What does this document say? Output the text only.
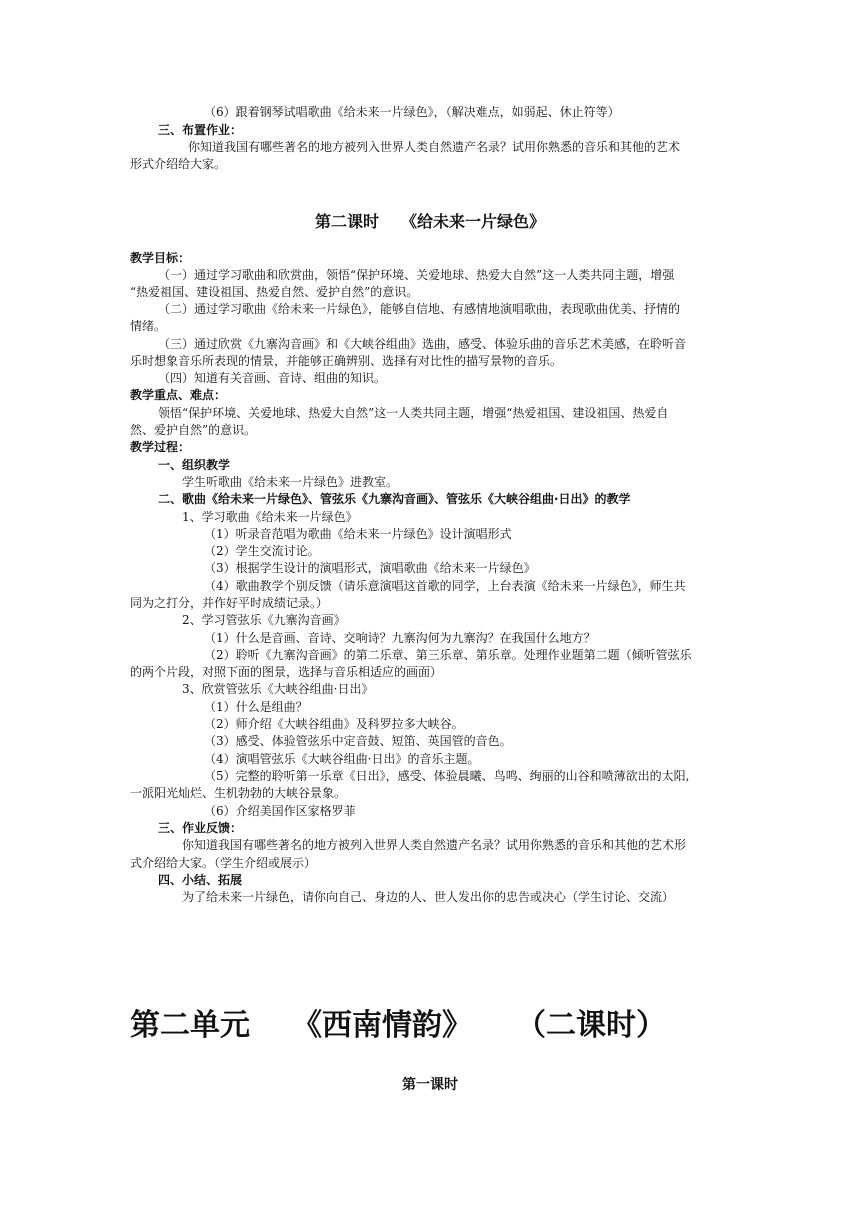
（6）跟着钢琴试唱歌曲《给未来一片绿色》，（解决难点，如弱起、休止符等）

三、布置作业：

你知道我国有哪些著名的地方被列入世界人类自然遗产名录？试用你熟悉的音乐和其他的艺术

形式介绍给大家。

第二课时 《给未来一片绿色》

教学目标：

（一）通过学习歌曲和欣赏曲，领悟“保护环境、关爱地球、热爱大自然”这一人类共同主题，增强

“热爱祖国、建设祖国、热爱自然、爱护自然”的意识。

（二）通过学习歌曲《给未来一片绿色》，能够自信地、有感情地演唱歌曲，表现歌曲优美、抒情的

情绪。

（三）通过欣赏《九寨沟音画》和《大峡谷组曲》选曲，感受、体验乐曲的音乐艺术美感，在聆听音

乐时想象音乐所表现的情景，并能够正确辨别、选择有对比性的描写景物的音乐。

（四）知道有关音画、音诗、组曲的知识。

教学重点、难点：

领悟“保护环境、关爱地球、热爱大自然”这一人类共同主题，增强“热爱祖国、建设祖国、热爱自

然、爱护自然”的意识。

教学过程：

一、组织教学

学生听歌曲《给未来一片绿色》进教室。

二、歌曲《给未来一片绿色》、管弦乐《九寨沟音画》、管弦乐《大峡谷组曲·日出》的教学

1、学习歌曲《给未来一片绿色》

（1）听录音范唱为歌曲《给未来一片绿色》设计演唱形式

（2）学生交流讨论。

（3）根据学生设计的演唱形式，演唱歌曲《给未来一片绿色》

（4）歌曲教学个别反馈（请乐意演唱这首歌的同学，上台表演《给未来一片绿色》，师生共

同为之打分，并作好平时成绩记录。）

2、学习管弦乐《九寨沟音画》

（1）什么是音画、音诗、交响诗？九寨沟何为九寨沟？在我国什么地方？

（2）聆听《九寨沟音画》的第二乐章、第三乐章、第乐章。处理作业题第二题（倾听管弦乐

的两个片段，对照下面的图景，选择与音乐相适应的画面）

3、欣赏管弦乐《大峡谷组曲·日出》

（1）什么是组曲？

（2）师介绍《大峡谷组曲》及科罗拉多大峡谷。

（3）感受、体验管弦乐中定音鼓、短笛、英国管的音色。

（4）演唱管弦乐《大峡谷组曲·日出》的音乐主题。

（5）完整的聆听第一乐章《日出》，感受、体验晨曦、鸟鸣、绚丽的山谷和喷薄欲出的太阳,

一派阳光灿烂、生机勃勃的大峡谷景象。

（6）介绍美国作区家格罗菲

三、作业反馈：

你知道我国有哪些著名的地方被列入世界人类自然遗产名录？试用你熟悉的音乐和其他的艺术形

式介绍给大家。（学生介绍或展示）

四、小结、拓展

为了给未来一片绿色，请你向自己、身边的人、世人发出你的忠告或决心（学生讨论、交流）

第二单元 《西南情韵》 （二课时）
第一课时
